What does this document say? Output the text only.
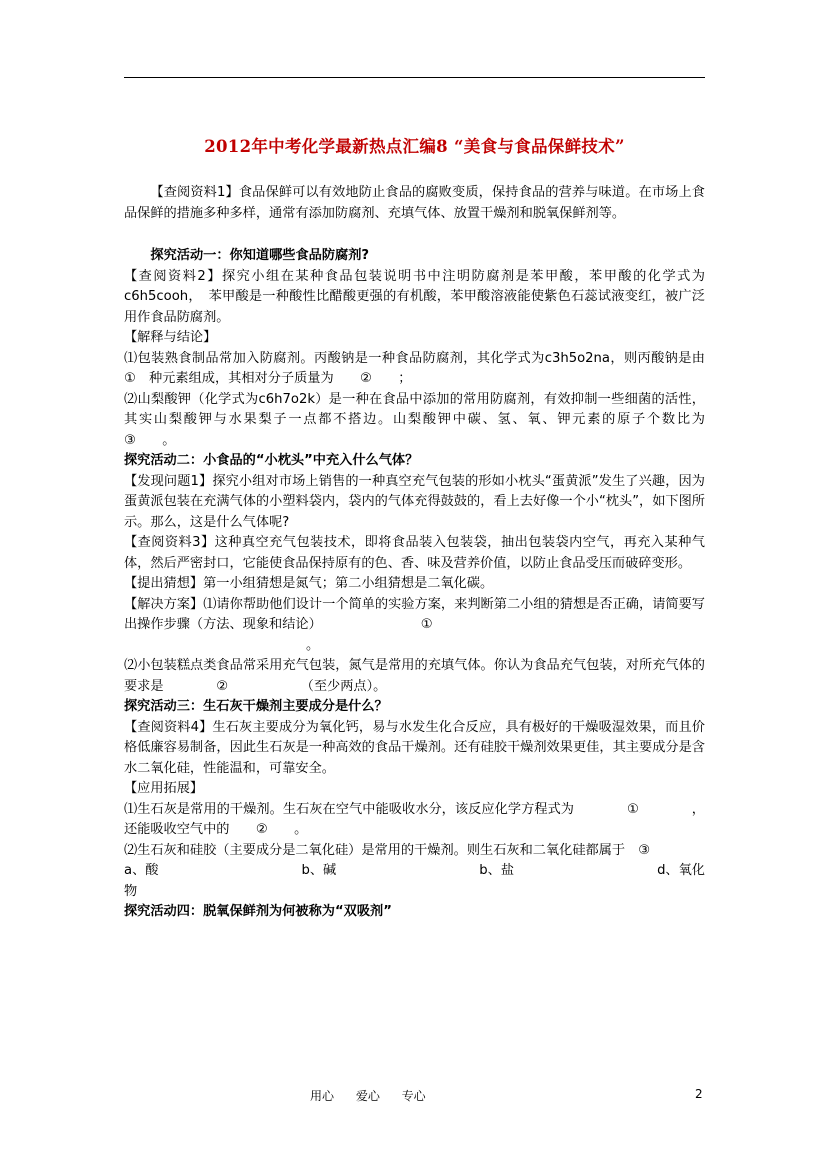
2012年中考化学最新热点汇编8 “美食与食品保鲜技术”

【查阅资料1】食品保鲜可以有效地防止食品的腐败变质，保持食品的营养与味道。在市场上食品保鲜的措施多种多样，通常有添加防腐剂、充填气体、放置干燥剂和脱氧保鲜剂等。

探究活动一：你知道哪些食品防腐剂?

【查阅资料2】探究小组在某种食品包装说明书中注明防腐剂是苯甲酸，苯甲酸的化学式为c6h5cooh，　苯甲酸是一种酸性比醋酸更强的有机酸，苯甲酸溶液能使紫色石蕊试液变红，被广泛用作食品防腐剂。

【解释与结论】

⑴包装熟食制品常加入防腐剂。丙酸钠是一种食品防腐剂，其化学式为c3h5o2na，则丙酸钠是由　①　种元素组成，其相对分子质量为　　②　　；

⑵山梨酸钾（化学式为c6h7o2k）是一种在食品中添加的常用防腐剂，有效抑制一些细菌的活性，其实山梨酸钾与水果梨子一点都不搭边。山梨酸钾中碳、氢、氧、钾元素的原子个数比为　　③　　。

探究活动二：小食品的“小枕头”中充入什么气体？

【发现问题1】探究小组对市场上销售的一种真空充气包装的形如小枕头“蛋黄派”发生了兴趣，因为蛋黄派包装在充满气体的小塑料袋内，袋内的气体充得鼓鼓的，看上去好像一个小“枕头”，如下图所示。那么，这是什么气体呢?

【查阅资料3】这种真空充气包装技术，即将食品装入包装袋，抽出包装袋内空气，再充入某种气体，然后严密封口，它能使食品保持原有的色、香、味及营养价值，以防止食品受压而破碎变形。

【提出猜想】第一小组猜想是氮气；第二小组猜想是二氧化碳。

【解决方案】⑴请你帮助他们设计一个简单的实验方案，来判断第二小组的猜想是否正确，请简要写出操作步骤（方法、现象和结论）　　　　　　　　①

。

⑵小包装糕点类食品常采用充气包装，氮气是常用的充填气体。你认为食品充气包装，对所充气体的要求是　　　　②　　　　　　（至少两点）。

探究活动三：生石灰干燥剂主要成分是什么？

【查阅资料4】生石灰主要成分为氧化钙，易与水发生化合反应，具有极好的干燥吸湿效果，而且价格低廉容易制备，因此生石灰是一种高效的食品干燥剂。还有硅胶干燥剂效果更佳，其主要成分是含水二氧化硅，性能温和，可靠安全。

【应用拓展】

⑴生石灰是常用的干燥剂。生石灰在空气中能吸收水分，该反应化学方程式为　　　　①　　　　，还能吸收空气中的　　②　　。

⑵生石灰和硅胶（主要成分是二氧化硅）是常用的干燥剂。则生石灰和二氧化硅都属于　③

a、酸	b、碱	b、盐	d、氧化

物

探究活动四：脱氧保鲜剂为何被称为“双吸剂”

用心 爱心 专心	2
